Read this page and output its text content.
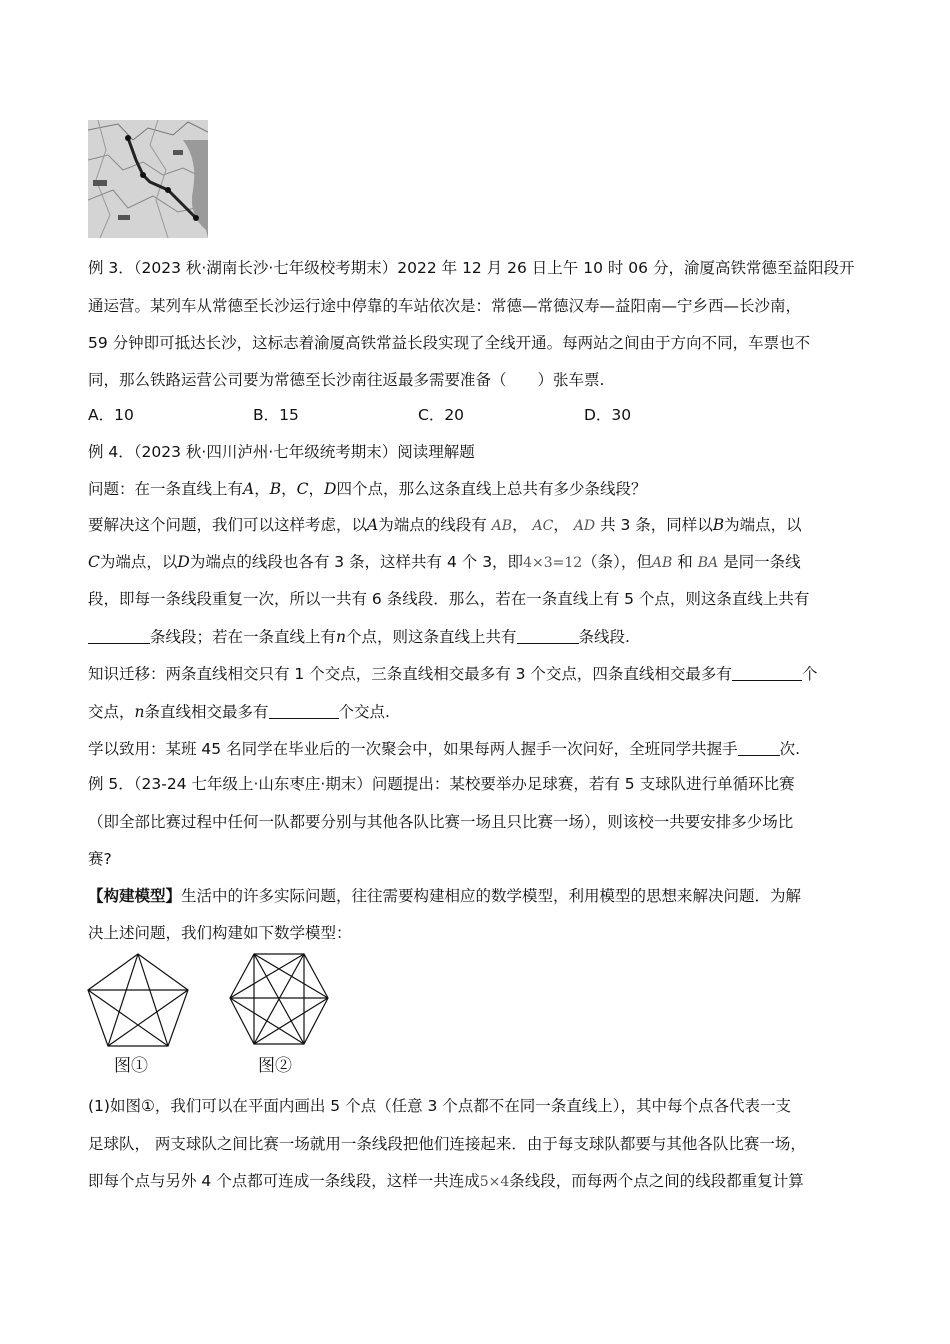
例 3．（2023 秋·湖南长沙·七年级校考期末）2022 年 12 月 26 日上午 10 时 06 分，渝厦高铁常德至益阳段开
通运营。某列车从常德至长沙运行途中停靠的车站依次是：常德—常德汉寿—益阳南—宁乡西—长沙南，
59 分钟即可抵达长沙，这标志着渝厦高铁常益长段实现了全线开通。每两站之间由于方向不同，车票也不
同，那么铁路运营公司要为常德至长沙南往返最多需要准备（　　）张车票.
A．10	B．15	C．20	D．30
例 4．（2023 秋·四川泸州·七年级统考期末）阅读理解题
问题：在一条直线上有A，B，C，D四个点，那么这条直线上总共有多少条线段？
要解决这个问题，我们可以这样考虑，以A为端点的线段有 AB， AC， AD 共 3 条，同样以B为端点，以
C为端点，以D为端点的线段也各有 3 条，这样共有 4 个 3，即4×3=12（条），但AB 和 BA 是同一条线
段，即每一条线段重复一次，所以一共有 6 条线段．那么，若在一条直线上有 5 个点，则这条直线上共有
条线段；若在一条直线上有n个点，则这条直线上共有	条线段.
知识迁移：两条直线相交只有 1 个交点，三条直线相交最多有 3 个交点，四条直线相交最多有	个
交点，n条直线相交最多有	个交点.
学以致用：某班 45 名同学在毕业后的一次聚会中，如果每两人握手一次问好，全班同学共握手	次.
例 5．（23-24 七年级上·山东枣庄·期末）问题提出：某校要举办足球赛，若有 5 支球队进行单循环比赛
（即全部比赛过程中任何一队都要分别与其他各队比赛一场且只比赛一场），则该校一共要安排多少场比
赛?
【构建模型】生活中的许多实际问题，往往需要构建相应的数学模型，利用模型的思想来解决问题．为解
决上述问题，我们构建如下数学模型：
图①	图②
(1)如图①，我们可以在平面内画出 5 个点（任意 3 个点都不在同一条直线上），其中每个点各代表一支
足球队， 两支球队之间比赛一场就用一条线段把他们连接起来．由于每支球队都要与其他各队比赛一场，
即每个点与另外 4 个点都可连成一条线段，这样一共连成5×4条线段，而每两个点之间的线段都重复计算
